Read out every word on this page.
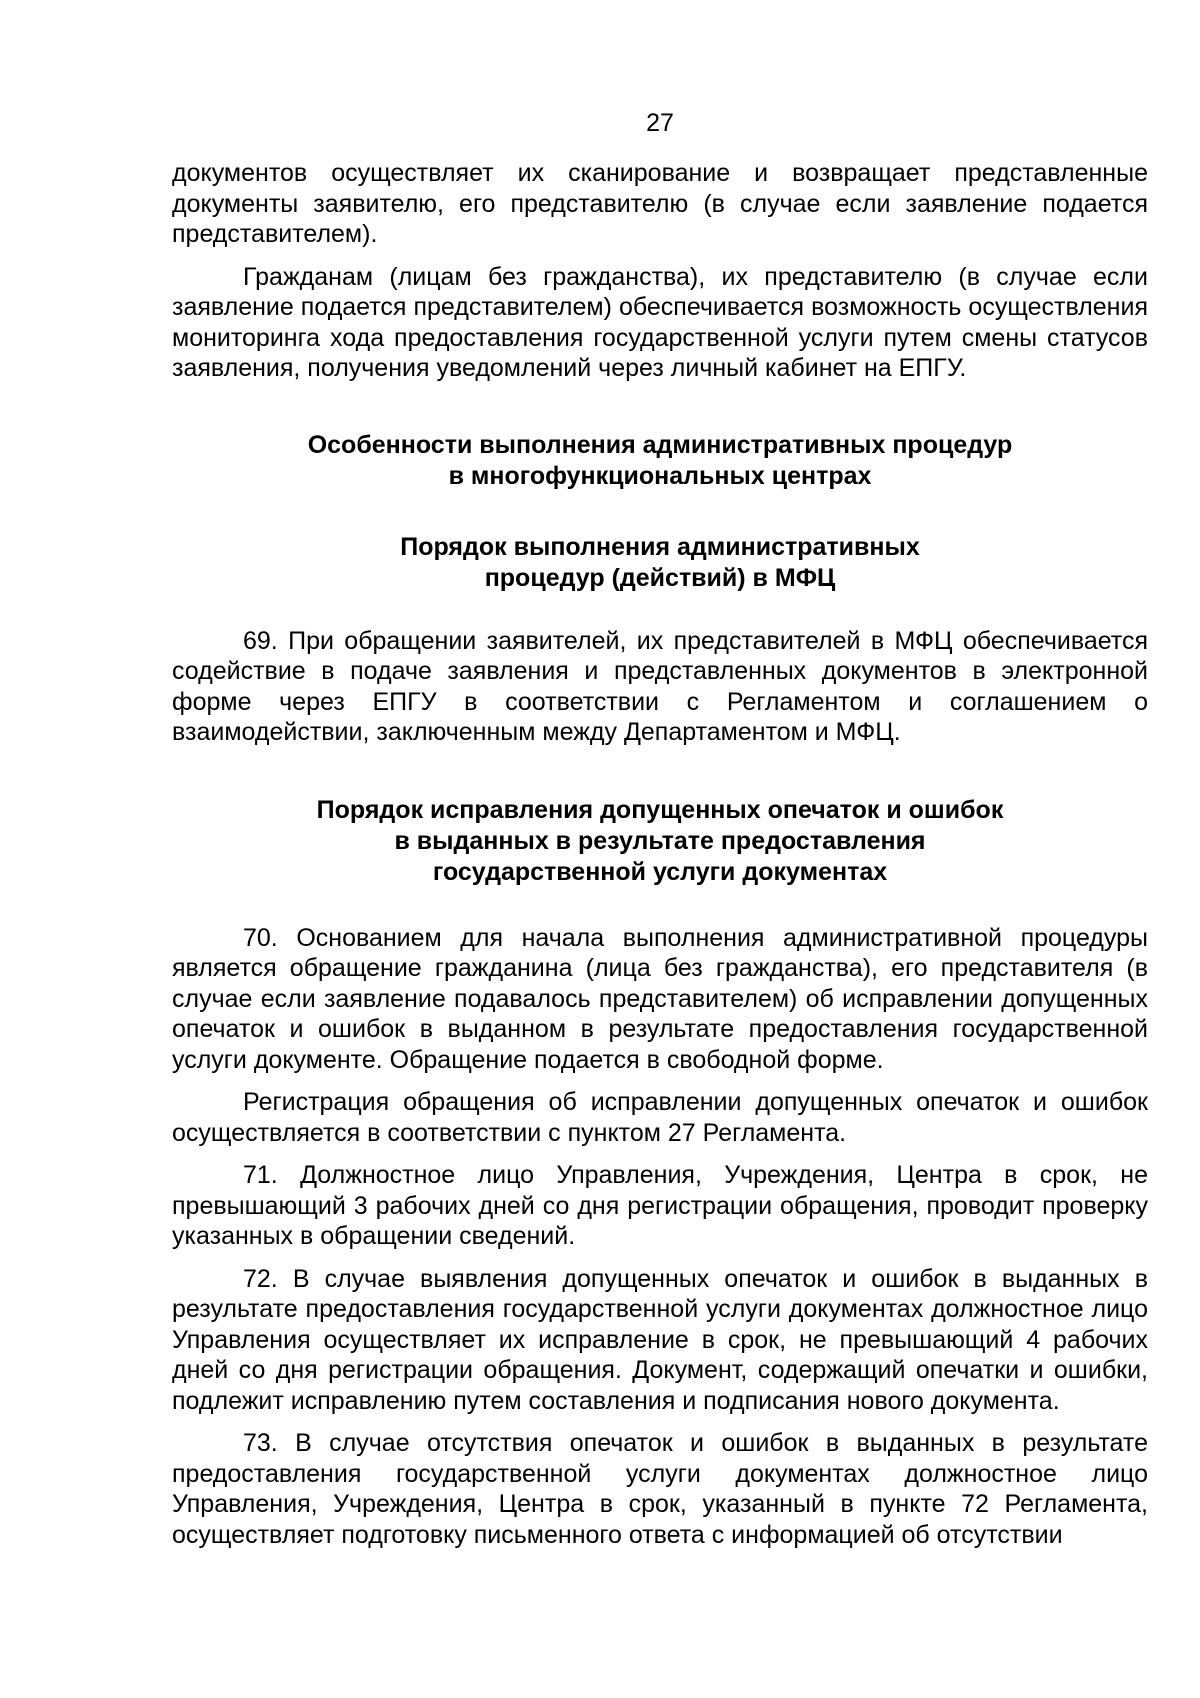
27

документов осуществляет их сканирование и возвращает представленные документы заявителю, его представителю (в случае если заявление подается представителем).

Гражданам (лицам без гражданства), их представителю (в случае если заявление подается представителем) обеспечивается возможность осуществления мониторинга хода предоставления государственной услуги путем смены статусов заявления, получения уведомлений через личный кабинет на ЕПГУ.

Особенности выполнения административных процедур
в многофункциональных центрах
Порядок выполнения административных
процедур (действий) в МФЦ

69. При обращении заявителей, их представителей в МФЦ обеспечивается содействие в подаче заявления и представленных документов в электронной форме через ЕПГУ в соответствии с Регламентом и соглашением о взаимодействии, заключенным между Департаментом и МФЦ.

Порядок исправления допущенных опечаток и ошибок
в выданных в результате предоставления
государственной услуги документах

70. Основанием для начала выполнения административной процедуры является обращение гражданина (лица без гражданства), его представителя (в случае если заявление подавалось представителем) об исправлении допущенных опечаток и ошибок в выданном в результате предоставления государственной услуги документе. Обращение подается в свободной форме.

Регистрация обращения об исправлении допущенных опечаток и ошибок осуществляется в соответствии с пунктом 27 Регламента.

71. Должностное лицо Управления, Учреждения, Центра в срок, не превышающий 3 рабочих дней со дня регистрации обращения, проводит проверку указанных в обращении сведений.

72. В случае выявления допущенных опечаток и ошибок в выданных в результате предоставления государственной услуги документах должностное лицо Управления осуществляет их исправление в срок, не превышающий 4 рабочих дней со дня регистрации обращения. Документ, содержащий опечатки и ошибки, подлежит исправлению путем составления и подписания нового документа.

73. В случае отсутствия опечаток и ошибок в выданных в результате предоставления государственной услуги документах должностное лицо Управления, Учреждения, Центра в срок, указанный в пункте 72 Регламента, осуществляет подготовку письменного ответа с информацией об отсутствии
